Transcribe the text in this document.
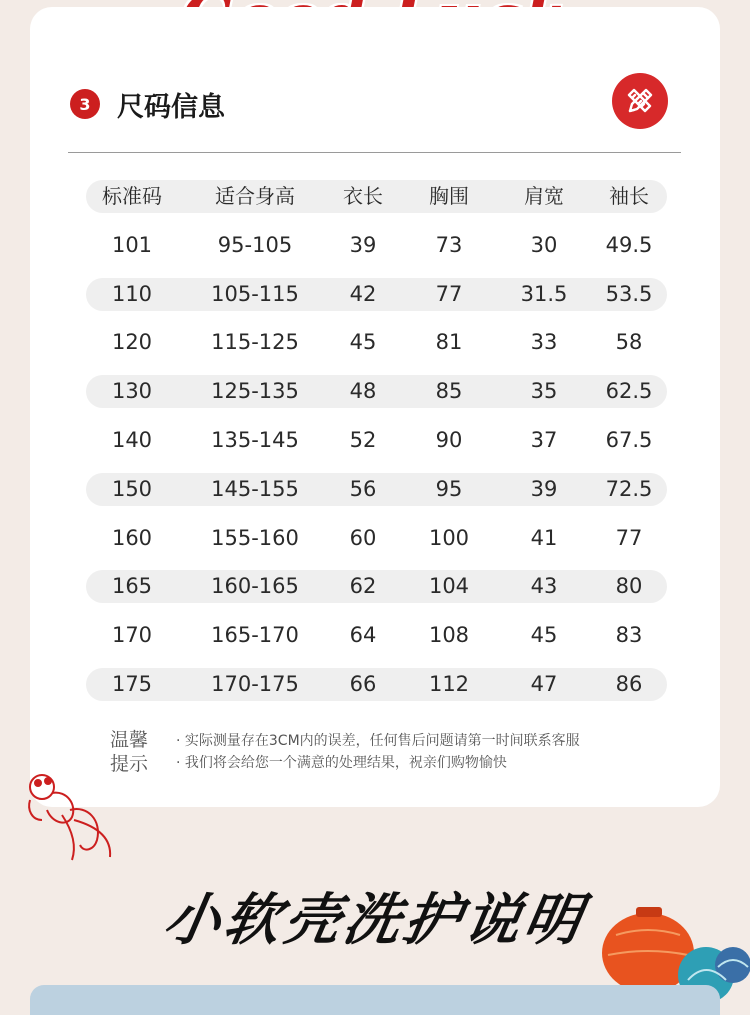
3 尺码信息
标准码	适合身高	衣长	胸围	肩宽	袖长
101	95-105	39	73	30	49.5
110	105-115	42	77	31.5	53.5
120	115-125	45	81	33	58
130	125-135	48	85	35	62.5
140	135-145	52	90	37	67.5
150	145-155	56	95	39	72.5
160	155-160	60	100	41	77
165	160-165	62	104	43	80
170	165-170	64	108	45	83
175	170-175	66	112	47	86
温馨提示
· 实际测量存在3CM内的误差，任何售后问题请第一时间联系客服
· 我们将会给您一个满意的处理结果，祝亲们购物愉快
小软壳洗护说明
